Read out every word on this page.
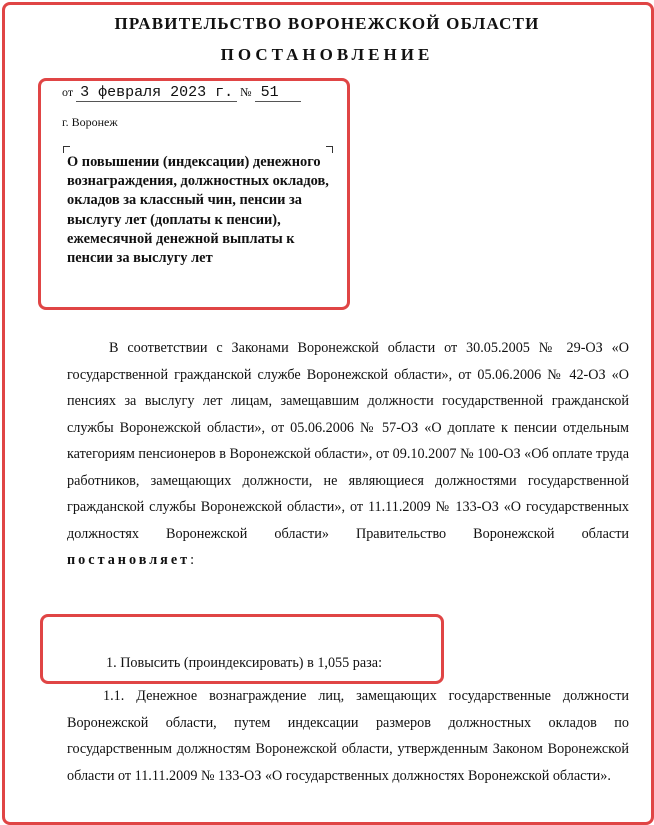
ПРАВИТЕЛЬСТВО ВОРОНЕЖСКОЙ ОБЛАСТИ
ПОСТАНОВЛЕНИЕ
от 3 февраля 2023 г. № 51
г. Воронеж
О повышении (индексации) денежного вознаграждения, должностных окладов, окладов за классный чин, пенсии за выслугу лет (доплаты к пенсии), ежемесячной денежной выплаты к пенсии за выслугу лет
В соответствии с Законами Воронежской области от 30.05.2005 № 29-ОЗ «О государственной гражданской службе Воронежской области», от 05.06.2006 № 42-ОЗ «О пенсиях за выслугу лет лицам, замещавшим должности государственной гражданской службы Воронежской области», от 05.06.2006 № 57-ОЗ «О доплате к пенсии отдельным категориям пенсионеров в Воронежской области», от 09.10.2007 № 100-ОЗ «Об оплате труда работников, замещающих должности, не являющиеся должностями государственной гражданской службы Воронежской области», от 11.11.2009 № 133-ОЗ «О государственных должностях Воронежской области» Правительство Воронежской области постановляет:
1. Повысить (проиндексировать) в 1,055 раза:
1.1. Денежное вознаграждение лиц, замещающих государственные должности Воронежской области, путем индексации размеров должностных окладов по государственным должностям Воронежской области, утвержденным Законом Воронежской области от 11.11.2009 № 133-ОЗ «О государственных должностях Воронежской области».
